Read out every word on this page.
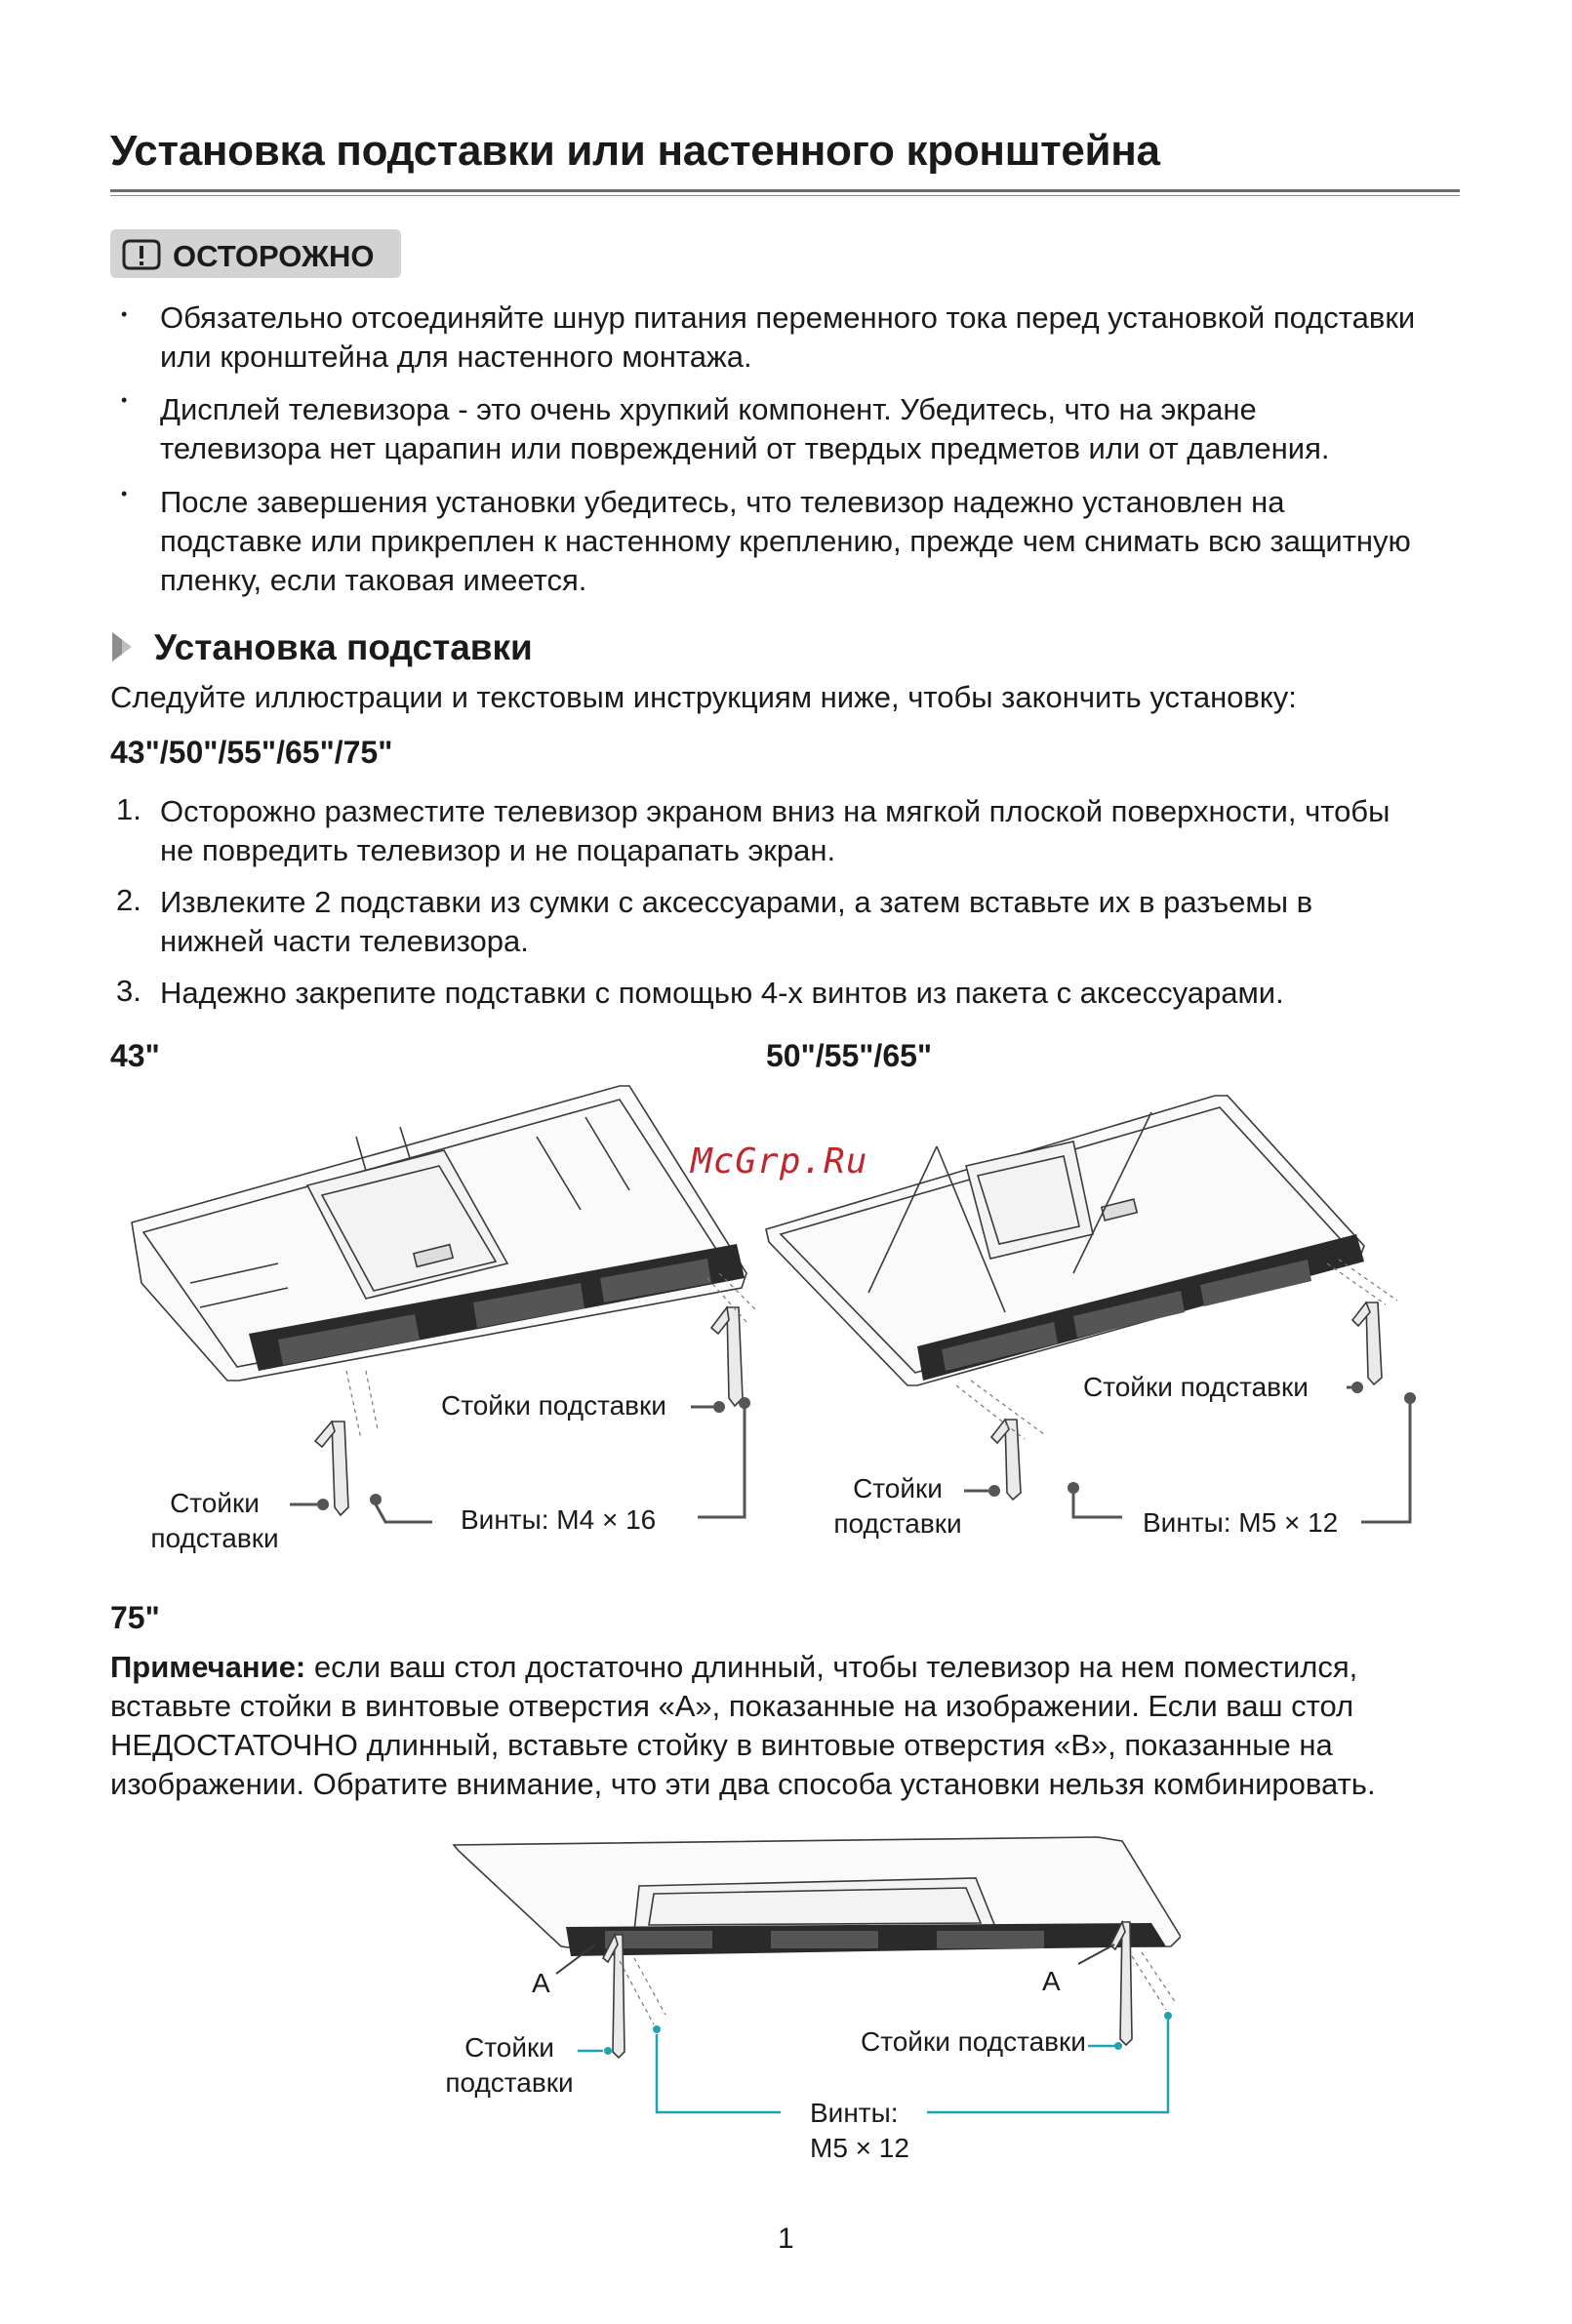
Установка подставки или настенного кронштейна
ОСТОРОЖНО
• Обязательно отсоединяйте шнур питания переменного тока перед установкой подставки
или кронштейна для настенного монтажа.
• Дисплей телевизора - это очень хрупкий компонент. Убедитесь, что на экране
телевизора нет царапин или повреждений от твердых предметов или от давления.
• После завершения установки убедитесь, что телевизор надежно установлен на
подставке или прикреплен к настенному креплению, прежде чем снимать всю защитную
пленку, если таковая имеется.
Установка подставки
Следуйте иллюстрации и текстовым инструкциям ниже, чтобы закончить установку:
43"/50"/55"/65"/75"
1. Осторожно разместите телевизор экраном вниз на мягкой плоской поверхности, чтобы
не повредить телевизор и не поцарапать экран.
2. Извлеките 2 подставки из сумки с аксессуарами, а затем вставьте их в разъемы в
нижней части телевизора.
3. Надежно закрепите подставки с помощью 4-х винтов из пакета с аксессуарами.
43"	50"/55"/65"
Стойки подставки
Стойки
подставки
Винты: M4 × 16
Стойки подставки
Стойки
подставки	Винты: M5 × 12
McGrp.Ru
75"
Примечание: если ваш стол достаточно длинный, чтобы телевизор на нем поместился,
вставьте стойки в винтовые отверстия «A», показанные на изображении. Если ваш стол
НЕДОСТАТОЧНО длинный, вставьте стойку в винтовые отверстия «B», показанные на
изображении. Обратите внимание, что эти два способа установки нельзя комбинировать.
A	A
Стойки
подставки
Стойки подставки
Винты:
M5 × 12
1
